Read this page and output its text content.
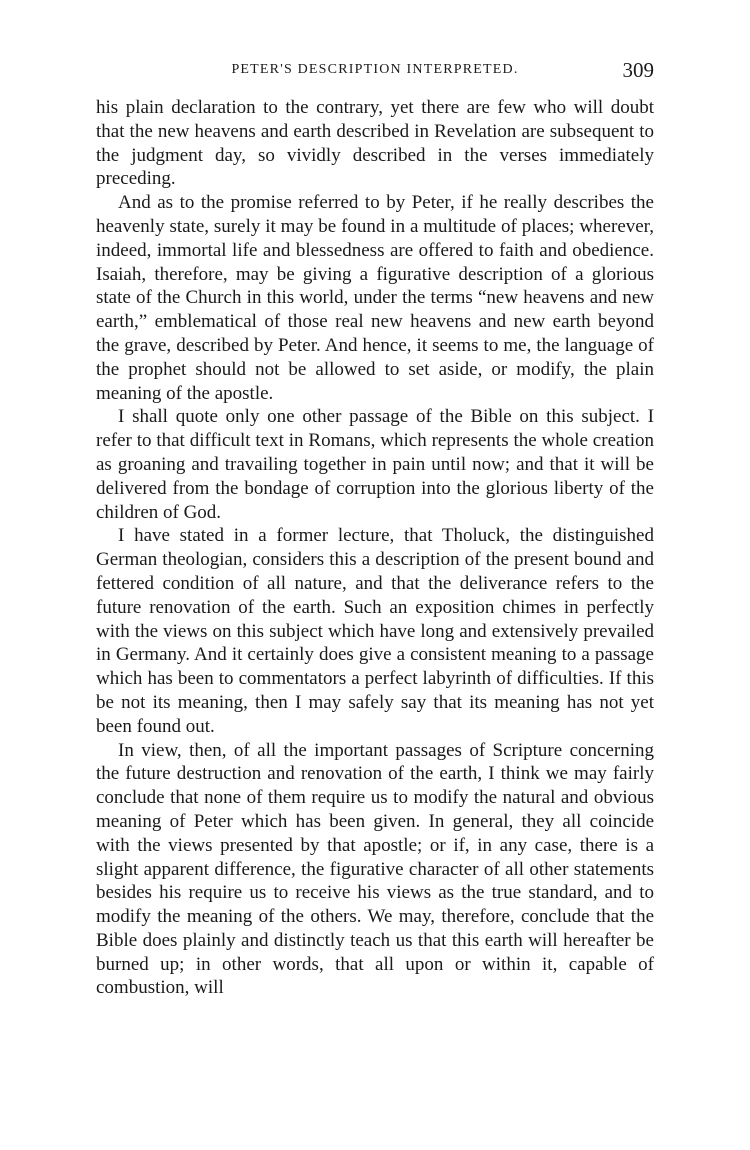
PETER'S DESCRIPTION INTERPRETED.	309

his plain declaration to the contrary, yet there are few who will doubt that the new heavens and earth described in Revelation are subsequent to the judgment day, so vividly described in the verses immediately preceding.

And as to the promise referred to by Peter, if he really describes the heavenly state, surely it may be found in a multitude of places; wherever, indeed, immortal life and blessedness are offered to faith and obedience. Isaiah, therefore, may be giving a figurative description of a glorious state of the Church in this world, under the terms “new heavens and new earth,” emblematical of those real new heavens and new earth beyond the grave, described by Peter. And hence, it seems to me, the language of the prophet should not be allowed to set aside, or modify, the plain meaning of the apostle.

I shall quote only one other passage of the Bible on this subject. I refer to that difficult text in Romans, which represents the whole creation as groaning and travailing together in pain until now; and that it will be delivered from the bondage of corruption into the glorious liberty of the children of God.

I have stated in a former lecture, that Tholuck, the distinguished German theologian, considers this a description of the present bound and fettered condition of all nature, and that the deliverance refers to the future renovation of the earth. Such an exposition chimes in perfectly with the views on this subject which have long and extensively prevailed in Germany. And it certainly does give a consistent meaning to a passage which has been to commentators a perfect labyrinth of difficulties. If this be not its meaning, then I may safely say that its meaning has not yet been found out.

In view, then, of all the important passages of Scripture concerning the future destruction and renovation of the earth, I think we may fairly conclude that none of them require us to modify the natural and obvious meaning of Peter which has been given. In general, they all coincide with the views presented by that apostle; or if, in any case, there is a slight apparent difference, the figurative character of all other statements besides his require us to receive his views as the true standard, and to modify the meaning of the others. We may, therefore, conclude that the Bible does plainly and distinctly teach us that this earth will hereafter be burned up; in other words, that all upon or within it, capable of combustion, will
